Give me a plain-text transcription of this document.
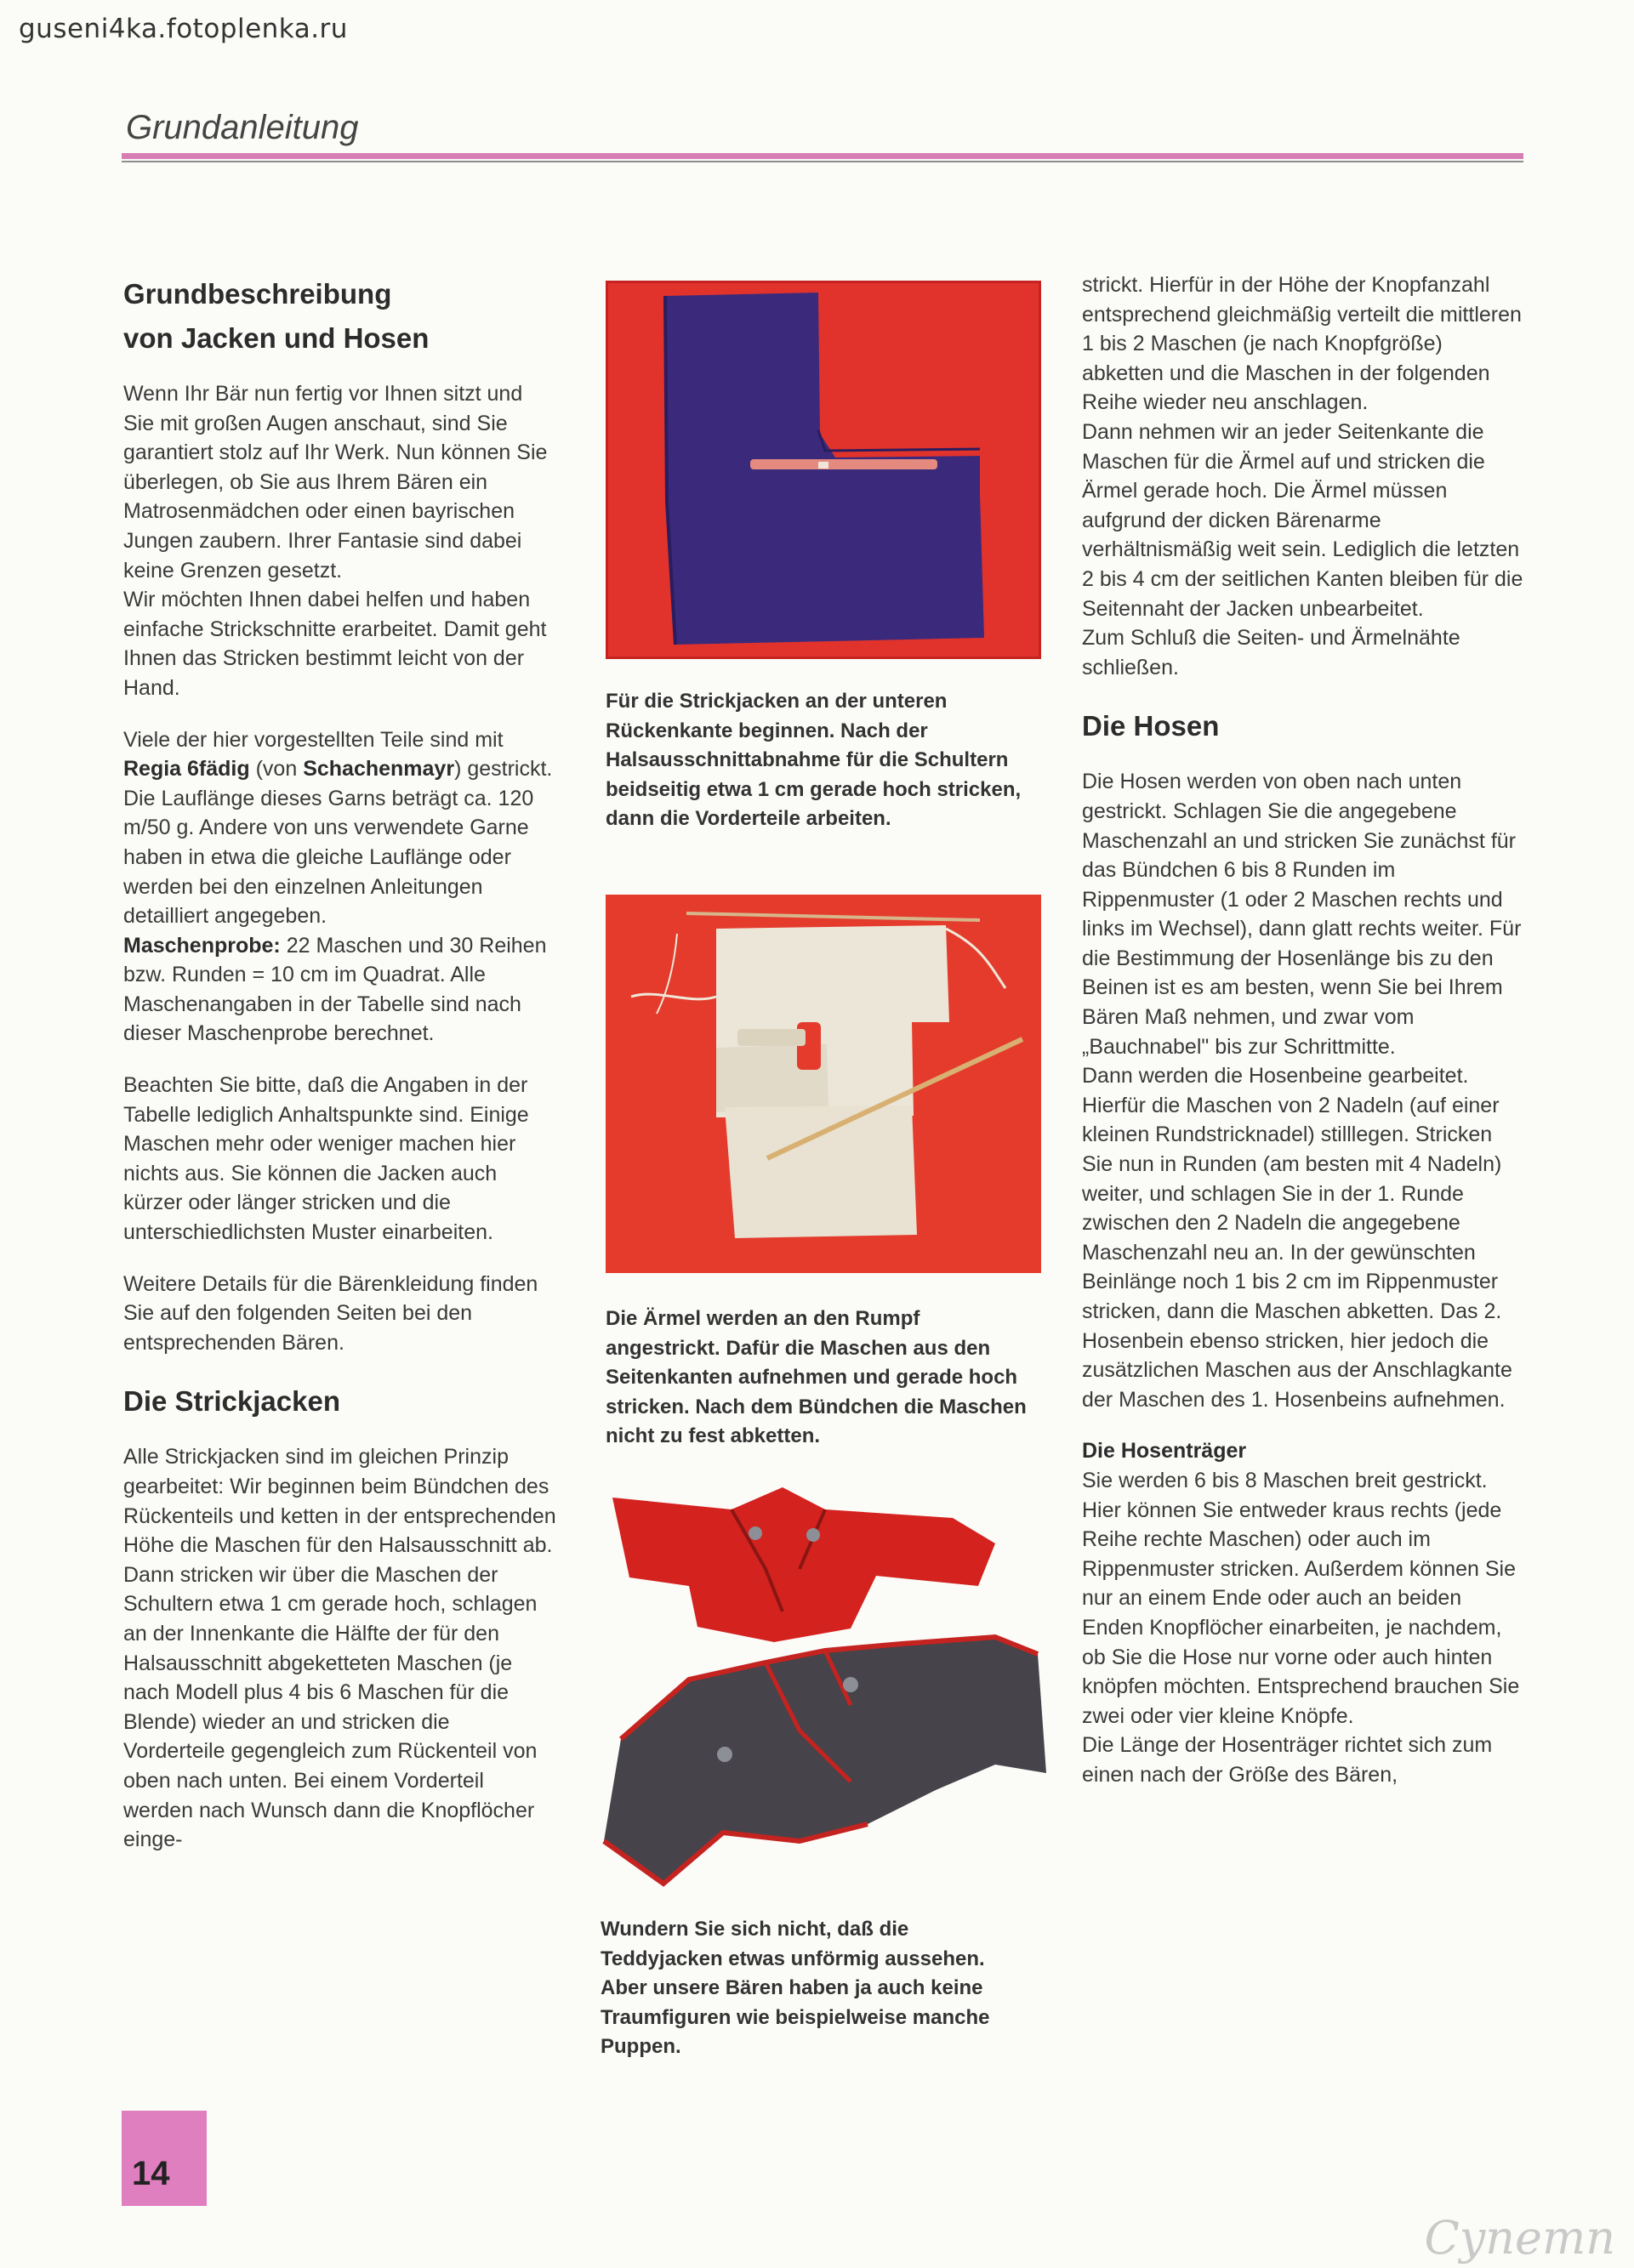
guseni4ka.fotoplenka.ru
Grundanleitung
Grundbeschreibung
von Jacken und Hosen

Wenn Ihr Bär nun fertig vor Ihnen sitzt und Sie mit großen Augen anschaut, sind Sie garantiert stolz auf Ihr Werk. Nun können Sie überlegen, ob Sie aus Ihrem Bären ein Matrosenmädchen oder einen bayrischen Jungen zaubern. Ihrer Fantasie sind dabei keine Grenzen gesetzt.
Wir möchten Ihnen dabei helfen und haben einfache Strickschnitte erarbeitet. Damit geht Ihnen das Stricken bestimmt leicht von der Hand.

Viele der hier vorgestellten Teile sind mit Regia 6fädig (von Schachenmayr) gestrickt. Die Lauflänge dieses Garns beträgt ca. 120 m/50 g. Andere von uns verwendete Garne haben in etwa die gleiche Lauflänge oder werden bei den einzelnen Anleitungen detailliert angegeben.
Maschenprobe: 22 Maschen und 30 Reihen bzw. Runden = 10 cm im Quadrat. Alle Maschenangaben in der Tabelle sind nach dieser Maschenprobe berechnet.

Beachten Sie bitte, daß die Angaben in der Tabelle lediglich Anhaltspunkte sind. Einige Maschen mehr oder weniger machen hier nichts aus. Sie können die Jacken auch kürzer oder länger stricken und die unterschiedlichsten Muster einarbeiten.

Weitere Details für die Bärenkleidung finden Sie auf den folgenden Seiten bei den entsprechenden Bären.

Die Strickjacken

Alle Strickjacken sind im gleichen Prinzip gearbeitet: Wir beginnen beim Bündchen des Rückenteils und ketten in der entsprechenden Höhe die Maschen für den Halsausschnitt ab. Dann stricken wir über die Maschen der Schultern etwa 1 cm gerade hoch, schlagen an der Innenkante die Hälfte der für den Halsausschnitt abgeketteten Maschen (je nach Modell plus 4 bis 6 Maschen für die Blende) wieder an und stricken die Vorderteile gegengleich zum Rückenteil von oben nach unten. Bei einem Vorderteil werden nach Wunsch dann die Knopflöcher einge-

Für die Strickjacken an der unteren Rückenkante beginnen. Nach der Halsausschnittabnahme für die Schultern beidseitig etwa 1 cm gerade hoch stricken, dann die Vorderteile arbeiten.
Die Ärmel werden an den Rumpf angestrickt. Dafür die Maschen aus den Seitenkanten aufnehmen und gerade hoch stricken. Nach dem Bündchen die Maschen nicht zu fest abketten.
Wundern Sie sich nicht, daß die Teddyjacken etwas unförmig aussehen. Aber unsere Bären haben ja auch keine Traumfiguren wie beispielweise manche Puppen.

strickt. Hierfür in der Höhe der Knopfanzahl entsprechend gleichmäßig verteilt die mittleren 1 bis 2 Maschen (je nach Knopfgröße) abketten und die Maschen in der folgenden Reihe wieder neu anschlagen.
Dann nehmen wir an jeder Seitenkante die Maschen für die Ärmel auf und stricken die Ärmel gerade hoch. Die Ärmel müssen aufgrund der dicken Bärenarme verhältnismäßig weit sein. Lediglich die letzten 2 bis 4 cm der seitlichen Kanten bleiben für die Seitennaht der Jacken unbearbeitet.
Zum Schluß die Seiten- und Ärmelnähte schließen.

Die Hosen

Die Hosen werden von oben nach unten gestrickt. Schlagen Sie die angegebene Maschenzahl an und stricken Sie zunächst für das Bündchen 6 bis 8 Runden im Rippenmuster (1 oder 2 Maschen rechts und links im Wechsel), dann glatt rechts weiter. Für die Bestimmung der Hosenlänge bis zu den Beinen ist es am besten, wenn Sie bei Ihrem Bären Maß nehmen, und zwar vom „Bauchnabel" bis zur Schrittmitte.
Dann werden die Hosenbeine gearbeitet. Hierfür die Maschen von 2 Nadeln (auf einer kleinen Rundstricknadel) stilllegen. Stricken Sie nun in Runden (am besten mit 4 Nadeln) weiter, und schlagen Sie in der 1. Runde zwischen den 2 Nadeln die angegebene Maschenzahl neu an. In der gewünschten Beinlänge noch 1 bis 2 cm im Rippenmuster stricken, dann die Maschen abketten. Das 2. Hosenbein ebenso stricken, hier jedoch die zusätzlichen Maschen aus der Anschlagkante der Maschen des 1. Hosenbeins aufnehmen.

Die Hosenträger

Sie werden 6 bis 8 Maschen breit gestrickt. Hier können Sie entweder kraus rechts (jede Reihe rechte Maschen) oder auch im Rippenmuster stricken. Außerdem können Sie nur an einem Ende oder auch an beiden Enden Knopflöcher einarbeiten, je nachdem, ob Sie die Hose nur vorne oder auch hinten knöpfen möchten. Entsprechend brauchen Sie zwei oder vier kleine Knöpfe.
Die Länge der Hosenträger richtet sich zum einen nach der Größe des Bären,

14
Cynemn
